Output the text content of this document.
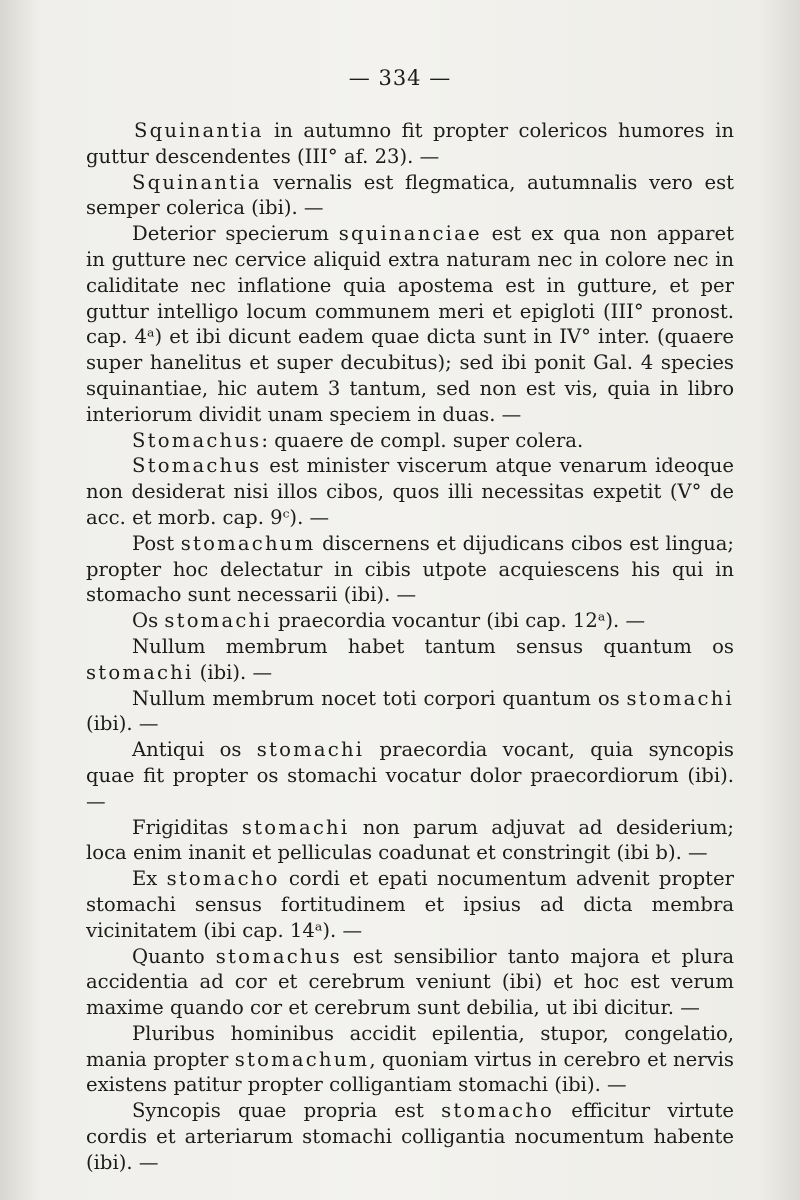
— 334 —

Squinantia in autumno fit propter colericos humores in guttur descendentes (III° af. 23). —

Squinantia vernalis est flegmatica, autumnalis vero est semper colerica (ibi). —

Deterior specierum squinanciae est ex qua non apparet in gutture nec cervice aliquid extra naturam nec in colore nec in caliditate nec inflatione quia apostema est in gutture, et per guttur intelligo locum communem meri et epigloti (III° pronost. cap. 4ᵃ) et ibi dicunt eadem quae dicta sunt in IV° inter. (quaere super hanelitus et super decubitus); sed ibi ponit Gal. 4 species squinantiae, hic autem 3 tantum, sed non est vis, quia in libro interiorum dividit unam speciem in duas. —

Stomachus: quaere de compl. super colera.

Stomachus est minister viscerum atque venarum ideoque non desiderat nisi illos cibos, quos illi necessitas expetit (V° de acc. et morb. cap. 9ᶜ). —

Post stomachum discernens et dijudicans cibos est lingua; propter hoc delectatur in cibis utpote acquiescens his qui in stomacho sunt necessarii (ibi). —

Os stomachi praecordia vocantur (ibi cap. 12ᵃ). —

Nullum membrum habet tantum sensus quantum os stomachi (ibi). —

Nullum membrum nocet toti corpori quantum os stomachi (ibi). —

Antiqui os stomachi praecordia vocant, quia syncopis quae fit propter os stomachi vocatur dolor praecordiorum (ibi). —

Frigiditas stomachi non parum adjuvat ad desiderium; loca enim inanit et pelliculas coadunat et constringit (ibi b). —

Ex stomacho cordi et epati nocumentum advenit propter stomachi sensus fortitudinem et ipsius ad dicta membra vicinitatem (ibi cap. 14ᵃ). —

Quanto stomachus est sensibilior tanto majora et plura accidentia ad cor et cerebrum veniunt (ibi) et hoc est verum maxime quando cor et cerebrum sunt debilia, ut ibi dicitur. —

Pluribus hominibus accidit epilentia, stupor, congelatio, mania propter stomachum, quoniam virtus in cerebro et nervis existens patitur propter colligantiam stomachi (ibi). —

Syncopis quae propria est stomacho efficitur virtute cordis et arteriarum stomachi colligantia nocumentum habente (ibi). —
